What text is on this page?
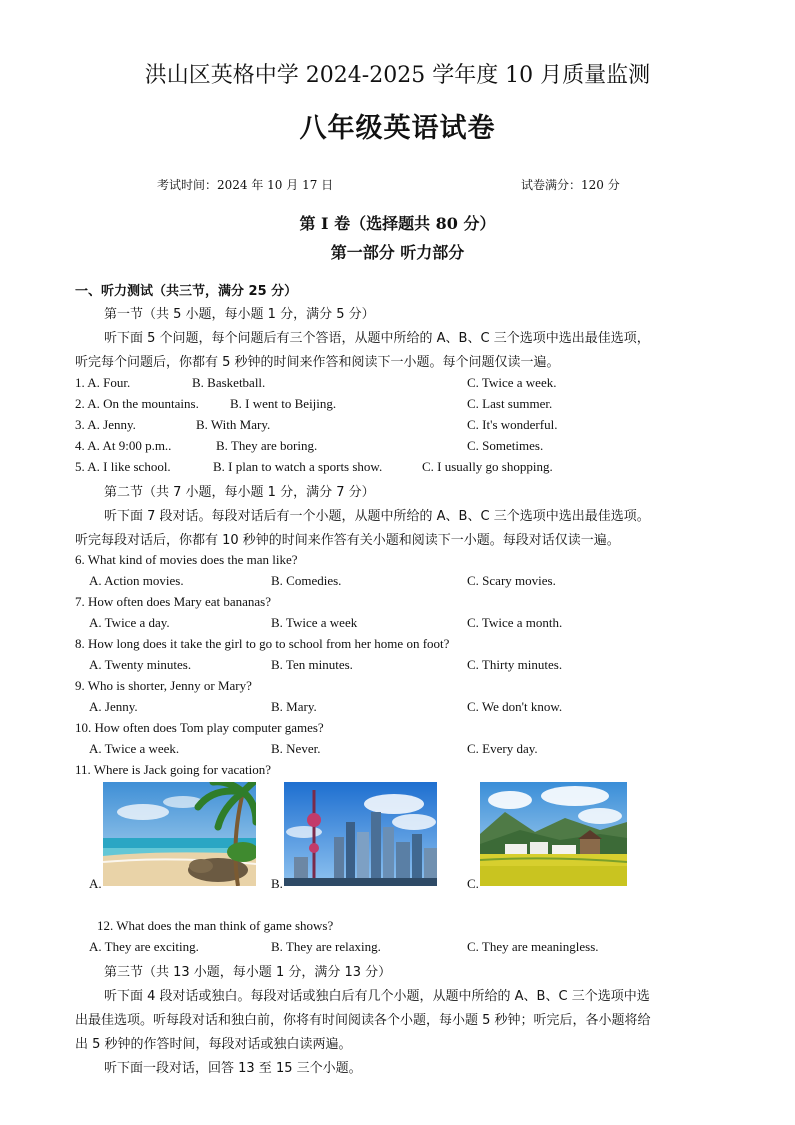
洪山区英格中学 2024-2025 学年度 10 月质量监测
八年级英语试卷
考试时间：2024 年 10 月 17 日	试卷满分：120 分
第 I 卷（选择题共 80 分）
第一部分 听力部分
一、听力测试（共三节，满分 25 分）
第一节（共 5 小题，每小题 1 分，满分 5 分）
听下面 5 个问题，每个问题后有三个答语，从题中所给的 A、B、C 三个选项中选出最佳选项，
听完每个问题后，你都有 5 秒钟的时间来作答和阅读下一小题。每个问题仅读一遍。
1. A. Four.	B. Basketball.	C. Twice a week.
2. A. On the mountains. B. I went to Beijing.	C. Last summer.
3. A. Jenny.	B. With Mary.	C. It's wonderful.
4. A. At 9:00 p.m..	B. They are boring.	C. Sometimes.
5. A. I like school.	B. I plan to watch a sports show.	C. I usually go shopping.
第二节（共 7 小题，每小题 1 分，满分 7 分）
听下面 7 段对话。每段对话后有一个小题，从题中所给的 A、B、C 三个选项中选出最佳选项。
听完每段对话后，你都有 10 秒钟的时间来作答有关小题和阅读下一小题。每段对话仅读一遍。
6. What kind of movies does the man like?
A. Action movies.	B. Comedies.	C. Scary movies.
7. How often does Mary eat bananas?
A. Twice a day.	B. Twice a week	C. Twice a month.
8. How long does it take the girl to go to school from her home on foot?
A. Twenty minutes.	B. Ten minutes.	C. Thirty minutes.
9. Who is shorter, Jenny or Mary?
A. Jenny.	B. Mary.	C. We don't know.
10. How often does Tom play computer games?
A. Twice a week.	B. Never.	C. Every day.
11. Where is Jack going for vacation?
A.	B.	C.
12. What does the man think of game shows?
A. They are exciting.	B. They are relaxing.	C. They are meaningless.
第三节（共 13 小题，每小题 1 分，满分 13 分）
听下面 4 段对话或独白。每段对话或独白后有几个小题，从题中所给的 A、B、C 三个选项中选
出最佳选项。听每段对话和独白前，你将有时间阅读各个小题，每小题 5 秒钟；听完后，各小题将给
出 5 秒钟的作答时间，每段对话或独白读两遍。
听下面一段对话，回答 13 至 15 三个小题。
